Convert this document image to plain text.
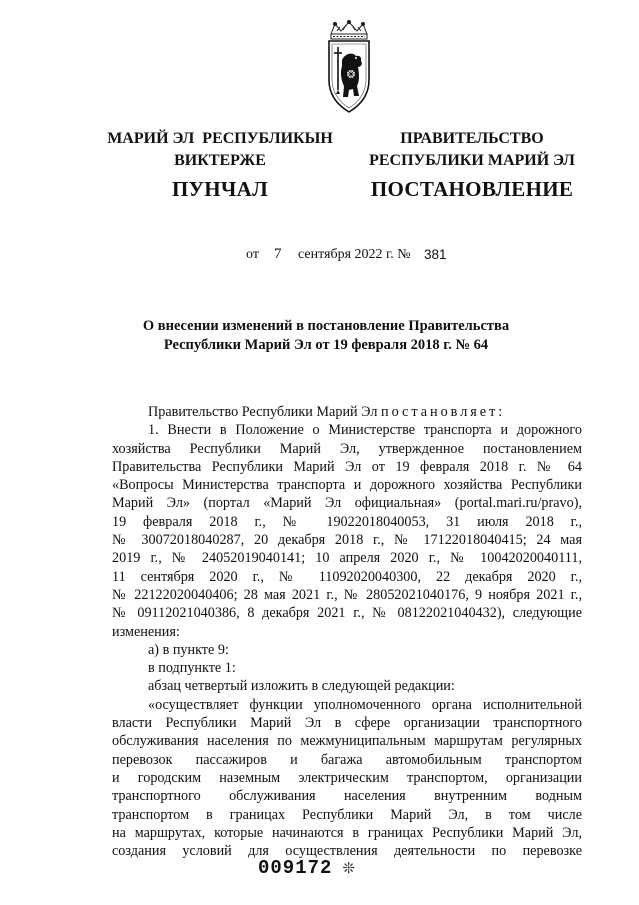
МАРИЙ ЭЛ  РЕСПУБЛИКЫН
ВИКТЕРЖЕ
ПРАВИТЕЛЬСТВО
РЕСПУБЛИКИ МАРИЙ ЭЛ
ПУНЧАЛ	ПОСТАНОВЛЕНИЕ
от 7 сентября 2022 г. № 381
О внесении изменений в постановление Правительства
Республики Марий Эл от 19 февраля 2018 г. № 64

Правительство Республики Марий Эл постановляет:

1. Внести в Положение о Министерстве транспорта и дорожного

хозяйства Республики Марий Эл, утвержденное постановлением

Правительства Республики Марий Эл от 19 февраля 2018 г. № 64

«Вопросы Министерства транспорта и дорожного хозяйства Республики

Марий Эл» (портал «Марий Эл официальная» (portal.mari.ru/pravo),

19 февраля 2018 г., № 19022018040053, 31 июля 2018 г.,

№ 30072018040287, 20 декабря 2018 г., № 17122018040415; 24 мая

2019 г., № 24052019040141; 10 апреля 2020 г., № 10042020040111,

11 сентября 2020 г., № 11092020040300, 22 декабря 2020 г.,

№ 22122020040406; 28 мая 2021 г., № 28052021040176, 9 ноября 2021 г.,

№ 09112021040386, 8 декабря 2021 г., № 08122021040432), следующие

изменения:

а) в пункте 9:

в подпункте 1:

абзац четвертый изложить в следующей редакции:

«осуществляет функции уполномоченного органа исполнительной

власти Республики Марий Эл в сфере организации транспортного

обслуживания населения по межмуниципальным маршрутам регулярных

перевозок пассажиров и багажа автомобильным транспортом

и городским наземным электрическим транспортом, организации

транспортного обслуживания населения внутренним водным

транспортом в границах Республики Марий Эл, в том числе

на маршрутах, которые начинаются в границах Республики Марий Эл,

создания условий для осуществления деятельности по перевозке

009172 ❊
